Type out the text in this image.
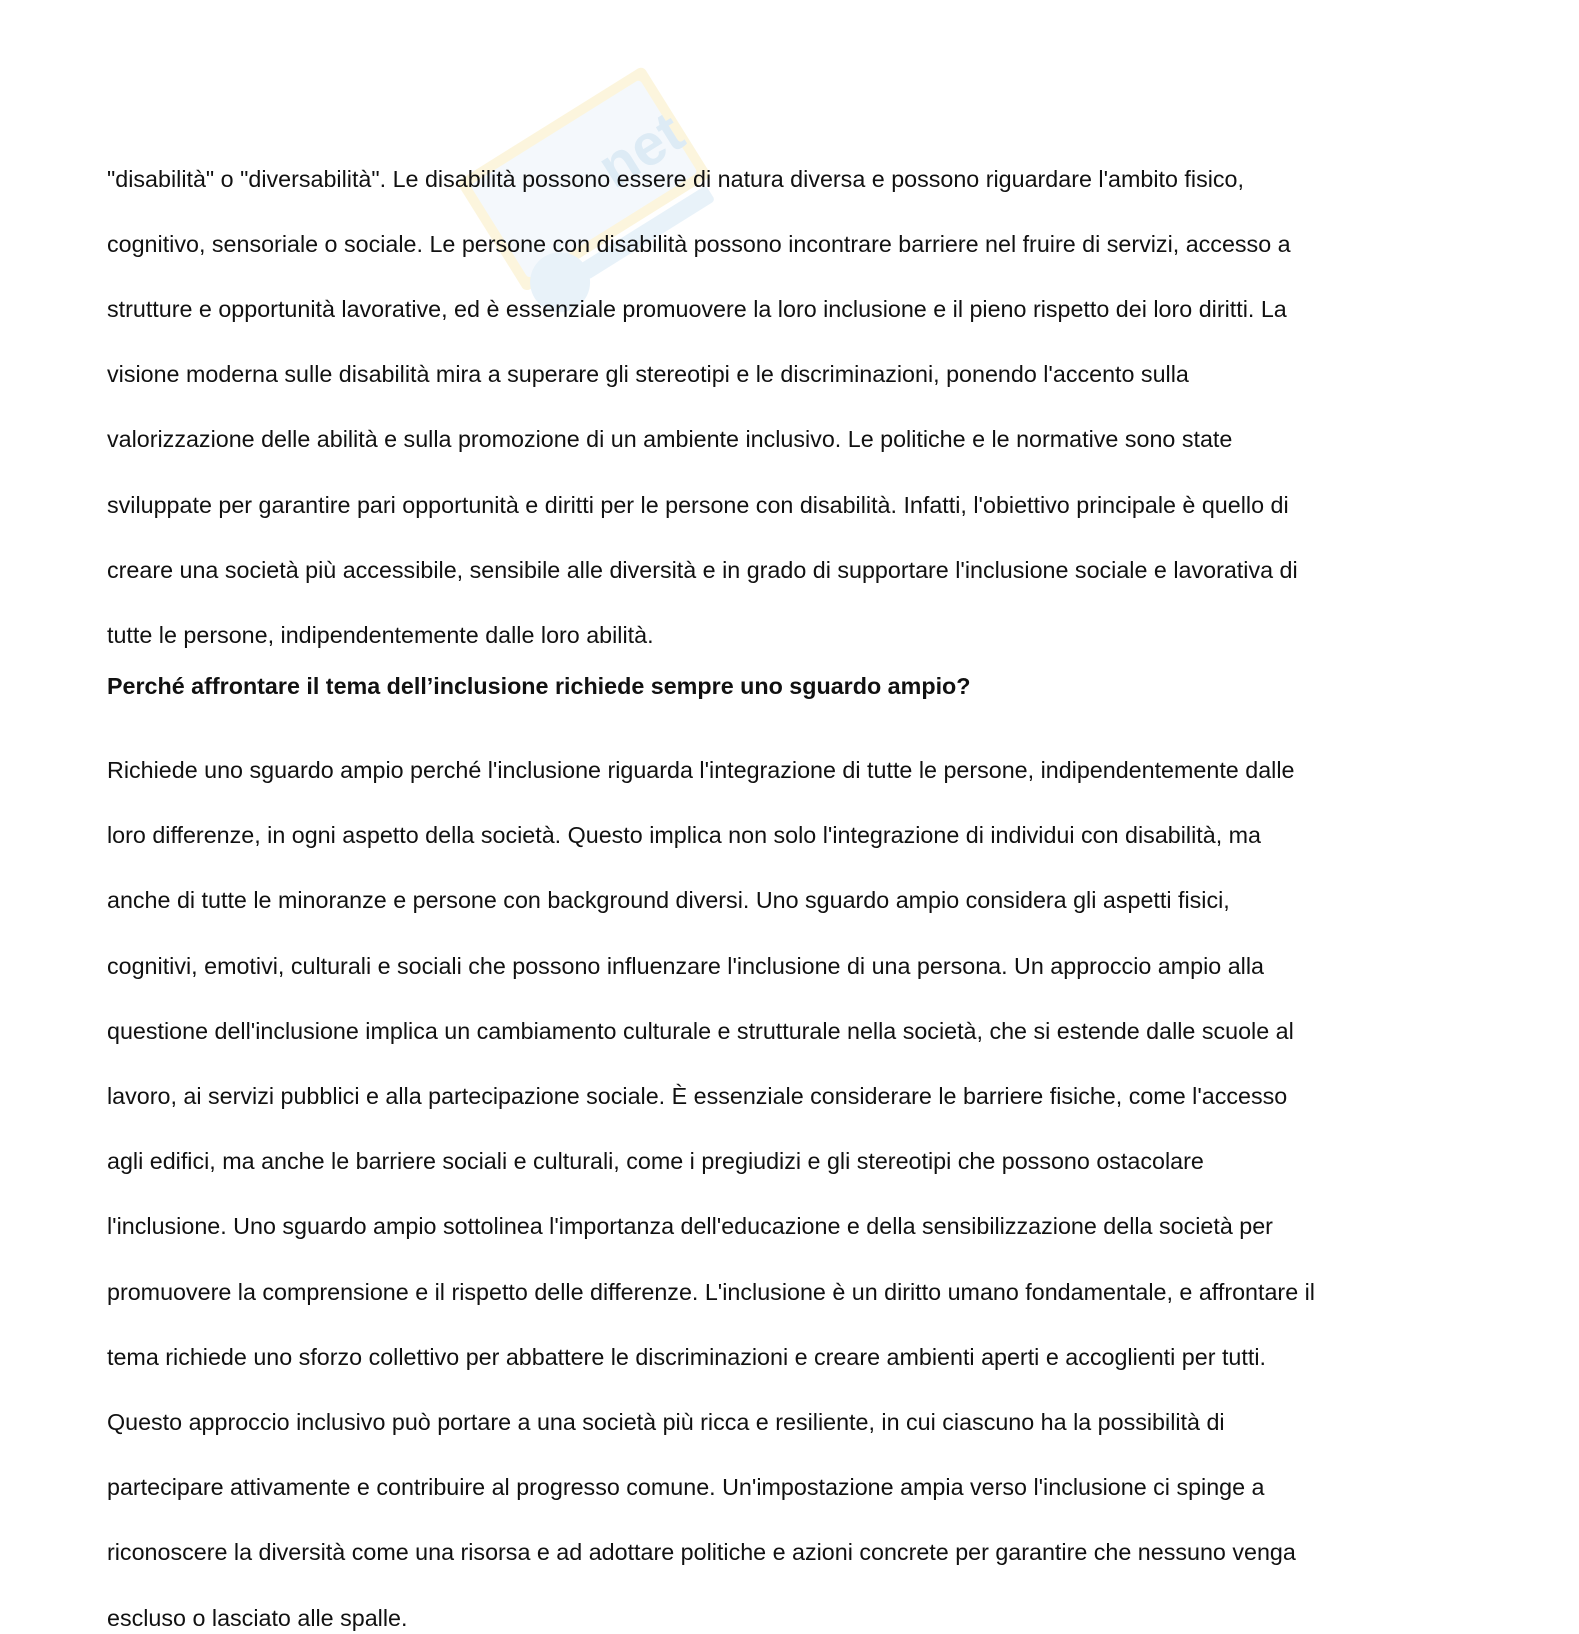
net

"disabilità" o "diversabilità". Le disabilità possono essere di natura diversa e possono riguardare l'ambito fisico,

cognitivo, sensoriale o sociale. Le persone con disabilità possono incontrare barriere nel fruire di servizi, accesso a

strutture e opportunità lavorative, ed è essenziale promuovere la loro inclusione e il pieno rispetto dei loro diritti. La

visione moderna sulle disabilità mira a superare gli stereotipi e le discriminazioni, ponendo l'accento sulla

valorizzazione delle abilità e sulla promozione di un ambiente inclusivo. Le politiche e le normative sono state

sviluppate per garantire pari opportunità e diritti per le persone con disabilità. Infatti, l'obiettivo principale è quello di

creare una società più accessibile, sensibile alle diversità e in grado di supportare l'inclusione sociale e lavorativa di

tutte le persone, indipendentemente dalle loro abilità.

Perché affrontare il tema dell’inclusione richiede sempre uno sguardo ampio?

Richiede uno sguardo ampio perché l'inclusione riguarda l'integrazione di tutte le persone, indipendentemente dalle

loro differenze, in ogni aspetto della società. Questo implica non solo l'integrazione di individui con disabilità, ma

anche di tutte le minoranze e persone con background diversi. Uno sguardo ampio considera gli aspetti fisici,

cognitivi, emotivi, culturali e sociali che possono influenzare l'inclusione di una persona. Un approccio ampio alla

questione dell'inclusione implica un cambiamento culturale e strutturale nella società, che si estende dalle scuole al

lavoro, ai servizi pubblici e alla partecipazione sociale. È essenziale considerare le barriere fisiche, come l'accesso

agli edifici, ma anche le barriere sociali e culturali, come i pregiudizi e gli stereotipi che possono ostacolare

l'inclusione. Uno sguardo ampio sottolinea l'importanza dell'educazione e della sensibilizzazione della società per

promuovere la comprensione e il rispetto delle differenze. L'inclusione è un diritto umano fondamentale, e affrontare il

tema richiede uno sforzo collettivo per abbattere le discriminazioni e creare ambienti aperti e accoglienti per tutti.

Questo approccio inclusivo può portare a una società più ricca e resiliente, in cui ciascuno ha la possibilità di

partecipare attivamente e contribuire al progresso comune. Un'impostazione ampia verso l'inclusione ci spinge a

riconoscere la diversità come una risorsa e ad adottare politiche e azioni concrete per garantire che nessuno venga

escluso o lasciato alle spalle.
